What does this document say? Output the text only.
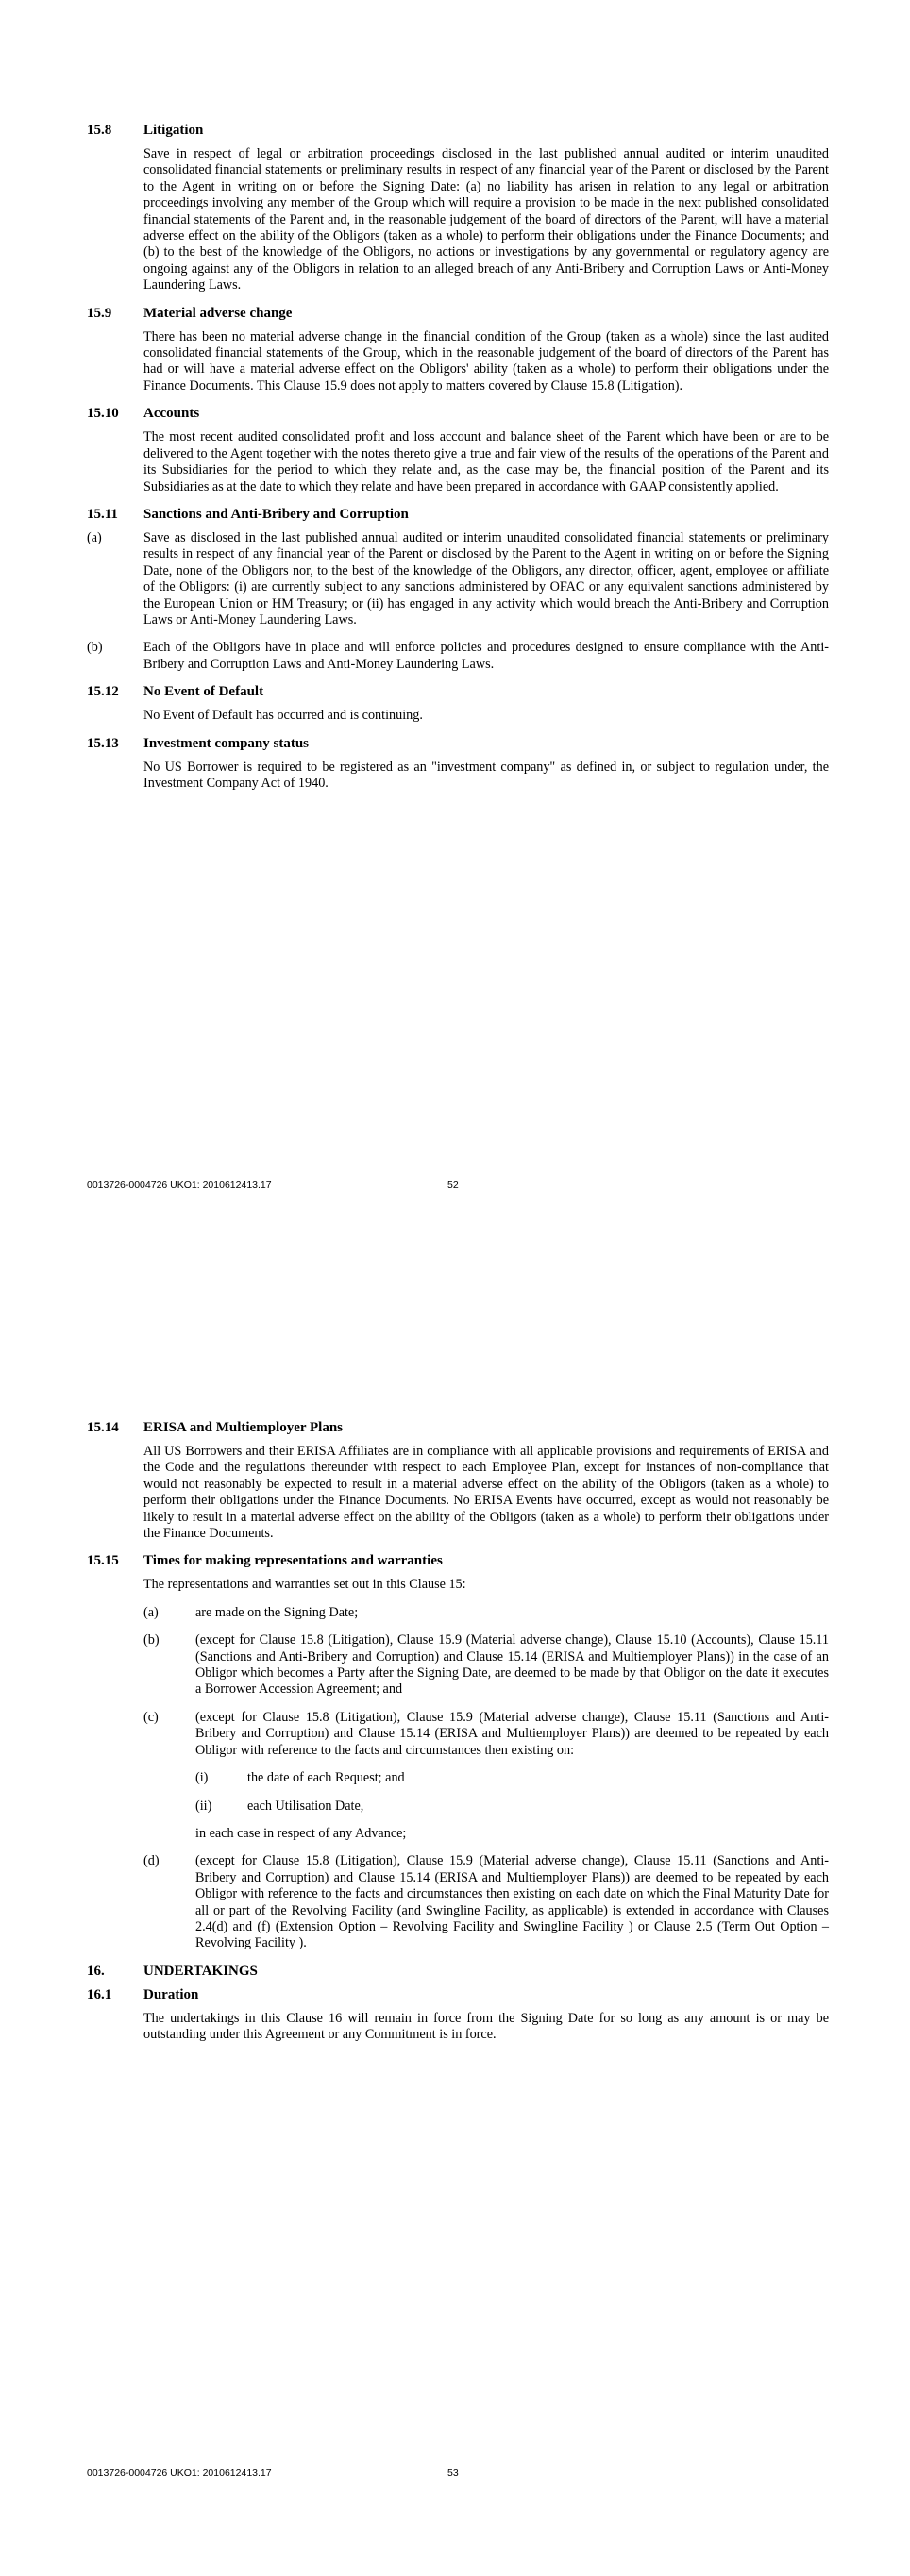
15.8	Litigation
Save in respect of legal or arbitration proceedings disclosed in the last published annual audited or interim unaudited consolidated financial statements or preliminary results in respect of any financial year of the Parent or disclosed by the Parent to the Agent in writing on or before the Signing Date: (a) no liability has arisen in relation to any legal or arbitration proceedings involving any member of the Group which will require a provision to be made in the next published consolidated financial statements of the Parent and, in the reasonable judgement of the board of directors of the Parent, will have a material adverse effect on the ability of the Obligors (taken as a whole) to perform their obligations under the Finance Documents; and (b) to the best of the knowledge of the Obligors, no actions or investigations by any governmental or regulatory agency are ongoing against any of the Obligors in relation to an alleged breach of any Anti-Bribery and Corruption Laws or Anti-Money Laundering Laws.
15.9	Material adverse change
There has been no material adverse change in the financial condition of the Group (taken as a whole) since the last audited consolidated financial statements of the Group, which in the reasonable judgement of the board of directors of the Parent has had or will have a material adverse effect on the Obligors' ability (taken as a whole) to perform their obligations under the Finance Documents. This Clause 15.9 does not apply to matters covered by Clause 15.8 (Litigation).
15.10	Accounts
The most recent audited consolidated profit and loss account and balance sheet of the Parent which have been or are to be delivered to the Agent together with the notes thereto give a true and fair view of the results of the operations of the Parent and its Subsidiaries for the period to which they relate and, as the case may be, the financial position of the Parent and its Subsidiaries as at the date to which they relate and have been prepared in accordance with GAAP consistently applied.
15.11	Sanctions and Anti-Bribery and Corruption
(a)	Save as disclosed in the last published annual audited or interim unaudited consolidated financial statements or preliminary results in respect of any financial year of the Parent or disclosed by the Parent to the Agent in writing on or before the Signing Date, none of the Obligors nor, to the best of the knowledge of the Obligors, any director, officer, agent, employee or affiliate of the Obligors: (i) are currently subject to any sanctions administered by OFAC or any equivalent sanctions administered by the European Union or HM Treasury; or (ii) has engaged in any activity which would breach the Anti-Bribery and Corruption Laws or Anti-Money Laundering Laws.
(b)	Each of the Obligors have in place and will enforce policies and procedures designed to ensure compliance with the Anti-Bribery and Corruption Laws and Anti-Money Laundering Laws.
15.12	No Event of Default
No Event of Default has occurred and is continuing.
15.13	Investment company status
No US Borrower is required to be registered as an "investment company" as defined in, or subject to regulation under, the Investment Company Act of 1940.
0013726-0004726 UKO1: 2010612413.17	52
15.14	ERISA and Multiemployer Plans
All US Borrowers and their ERISA Affiliates are in compliance with all applicable provisions and requirements of ERISA and the Code and the regulations thereunder with respect to each Employee Plan, except for instances of non-compliance that would not reasonably be expected to result in a material adverse effect on the ability of the Obligors (taken as a whole) to perform their obligations under the Finance Documents. No ERISA Events have occurred, except as would not reasonably be likely to result in a material adverse effect on the ability of the Obligors (taken as a whole) to perform their obligations under the Finance Documents.
15.15	Times for making representations and warranties
The representations and warranties set out in this Clause 15:
(a)	are made on the Signing Date;
(b)	(except for Clause 15.8 (Litigation), Clause 15.9 (Material adverse change), Clause 15.10 (Accounts), Clause 15.11 (Sanctions and Anti-Bribery and Corruption) and Clause 15.14 (ERISA and Multiemployer Plans)) in the case of an Obligor which becomes a Party after the Signing Date, are deemed to be made by that Obligor on the date it executes a Borrower Accession Agreement; and
(c)	(except for Clause 15.8 (Litigation), Clause 15.9 (Material adverse change), Clause 15.11 (Sanctions and Anti-Bribery and Corruption) and Clause 15.14 (ERISA and Multiemployer Plans)) are deemed to be repeated by each Obligor with reference to the facts and circumstances then existing on:
(i)	the date of each Request; and
(ii)	each Utilisation Date,
in each case in respect of any Advance;
(d)	(except for Clause 15.8 (Litigation), Clause 15.9 (Material adverse change), Clause 15.11 (Sanctions and Anti-Bribery and Corruption) and Clause 15.14 (ERISA and Multiemployer Plans)) are deemed to be repeated by each Obligor with reference to the facts and circumstances then existing on each date on which the Final Maturity Date for all or part of the Revolving Facility (and Swingline Facility, as applicable) is extended in accordance with Clauses 2.4(d) and (f) (Extension Option – Revolving Facility and Swingline Facility ) or Clause 2.5 (Term Out Option – Revolving Facility ).
16.	UNDERTAKINGS
16.1	Duration
The undertakings in this Clause 16 will remain in force from the Signing Date for so long as any amount is or may be outstanding under this Agreement or any Commitment is in force.
0013726-0004726 UKO1: 2010612413.17	53
